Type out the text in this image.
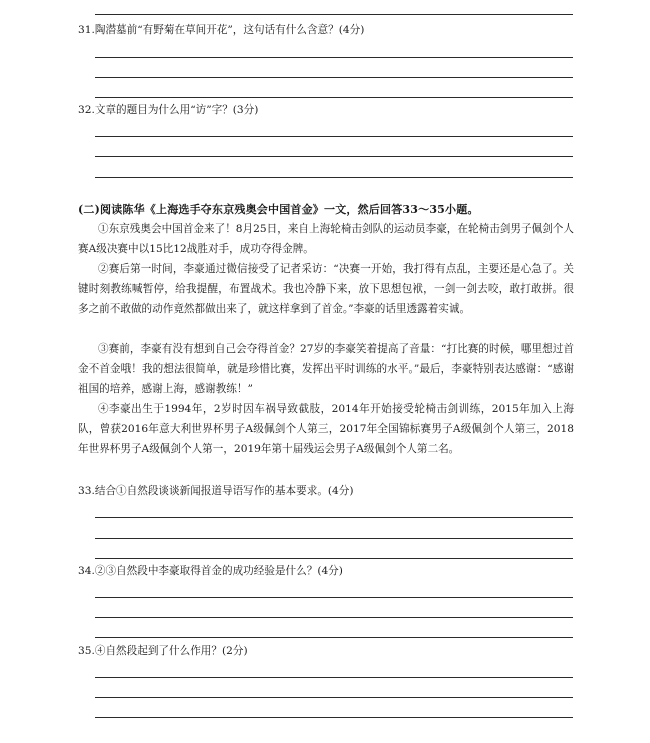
31.陶潜墓前“有野菊在草间开花”，这句话有什么含意？(4分)
32.文章的题目为什么用“访”字？(3分)
(二)阅读陈华《上海选手夺东京残奥会中国首金》一文，然后回答33～35小题。
①东京残奥会中国首金来了！8月25日，来自上海轮椅击剑队的运动员李豪，在轮椅击剑男子佩剑个人赛A级决赛中以15比12战胜对手，成功夺得金牌。
②赛后第一时间，李豪通过微信接受了记者采访：“决赛一开始，我打得有点乱，主要还是心急了。关键时刻教练喊暂停，给我提醒，布置战术。我也冷静下来，放下思想包袱，一剑一剑去咬，敢打敢拼。很多之前不敢做的动作竟然都做出来了，就这样拿到了首金。”李豪的话里透露着实诚。
③赛前，李豪有没有想到自己会夺得首金？27岁的李豪笑着提高了音量：“打比赛的时候，哪里想过首金不首金哦！我的想法很简单，就是珍惜比赛，发挥出平时训练的水平。”最后，李豪特别表达感谢：“感谢祖国的培养，感谢上海，感谢教练！”
④李豪出生于1994年，2岁时因车祸导致截肢，2014年开始接受轮椅击剑训练，2015年加入上海队，曾获2016年意大利世界杯男子A级佩剑个人第三，2017年全国锦标赛男子A级佩剑个人第三，2018年世界杯男子A级佩剑个人第一，2019年第十届残运会男子A级佩剑个人第二名。
33.结合①自然段谈谈新闻报道导语写作的基本要求。(4分)
34.②③自然段中李豪取得首金的成功经验是什么？(4分)
35.④自然段起到了什么作用？(2分)
